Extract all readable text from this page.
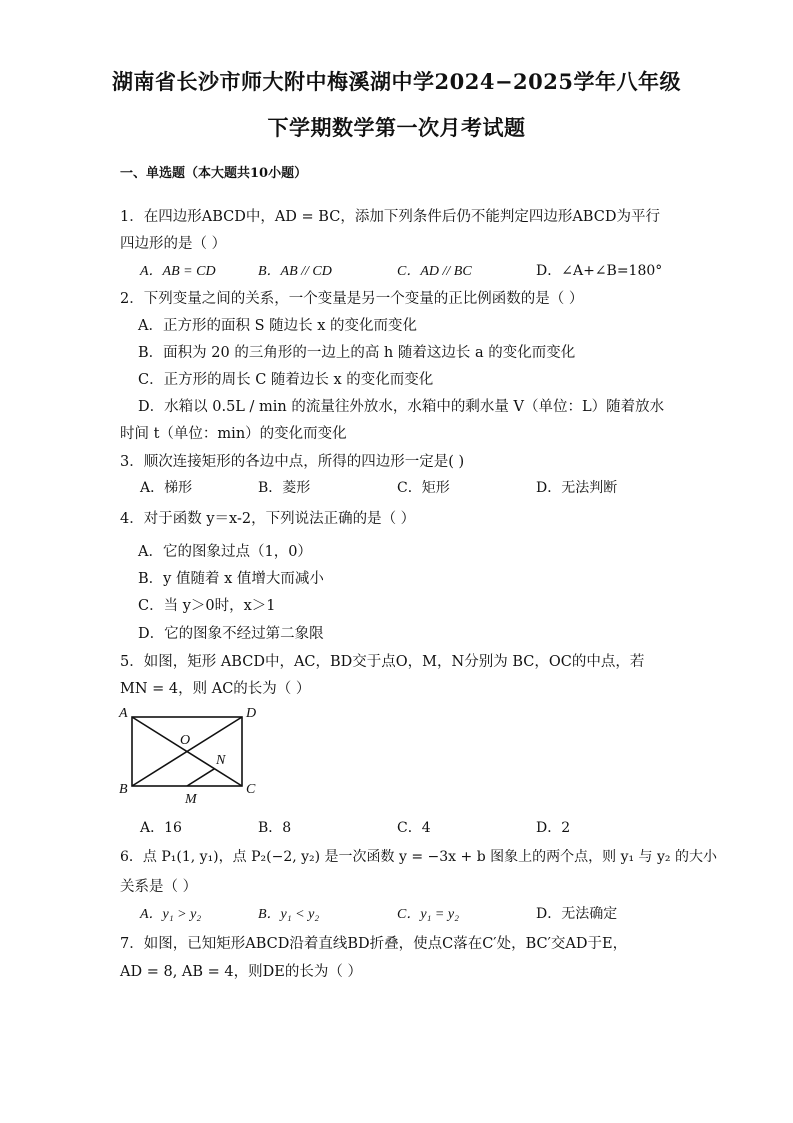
湖南省长沙市师大附中梅溪湖中学2024−2025学年八年级
下学期数学第一次月考试题
一、单选题（本大题共10小题）
1．在四边形ABCD中，AD = BC，添加下列条件后仍不能判定四边形ABCD为平行
四边形的是（ ）
A．AB = CD	B．AB // CD	C．AD // BC	D．∠A+∠B=180°
2．下列变量之间的关系，一个变量是另一个变量的正比例函数的是（ ）
A．正方形的面积 S 随边长 x 的变化而变化
B．面积为 20 的三角形的一边上的高 h 随着这边长 a 的变化而变化
C．正方形的周长 C 随着边长 x 的变化而变化
D．水箱以 0.5L / min 的流量往外放水，水箱中的剩水量 V（单位：L）随着放水
时间 t（单位：min）的变化而变化
3．顺次连接矩形的各边中点，所得的四边形一定是( )
A．梯形	B．菱形	C．矩形	D．无法判断
4．对于函数 y＝x-2，下列说法正确的是（ ）
A．它的图象过点（1，0）
B．y 值随着 x 值增大而减小
C．当 y＞0时，x＞1
D．它的图象不经过第二象限
5．如图，矩形 ABCD中，AC，BD交于点O，M，N分别为 BC，OC的中点，若
MN = 4，则 AC的长为（ ）
A	D
B	C
O
N
M
A．16	B．8	C．4	D．2
6．点 P₁(1, y₁)，点 P₂(−2, y₂) 是一次函数 y = −3x + b 图象上的两个点，则 y₁ 与 y₂ 的大小
关系是（ ）
A．y₁ > y₂	B．y₁ < y₂	C．y₁ = y₂	D．无法确定
7．如图，已知矩形ABCD沿着直线BD折叠，使点C落在C′处，BC′交AD于E，
AD = 8, AB = 4，则DE的长为（ ）
